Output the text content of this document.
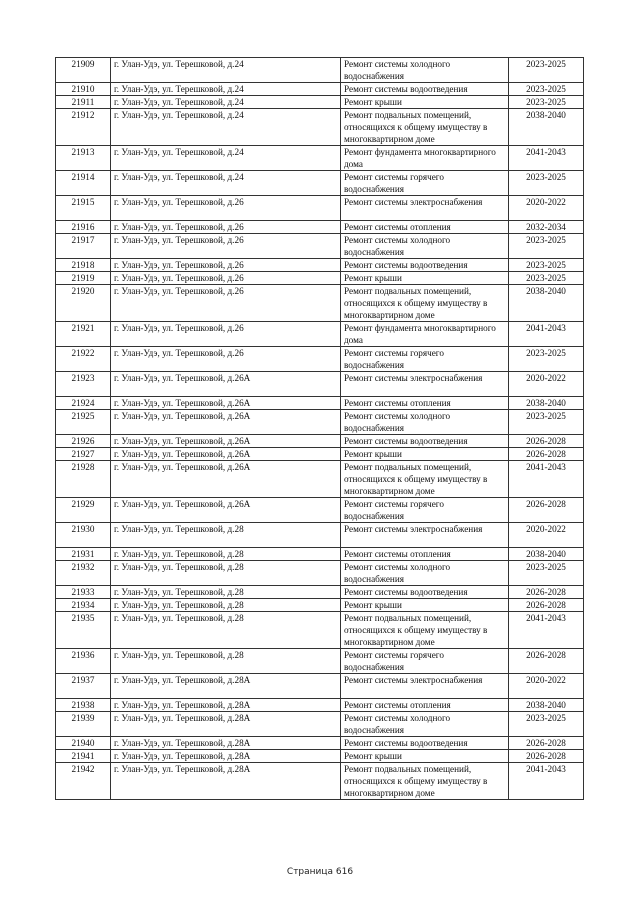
21909	г. Улан-Удэ, ул. Терешковой, д.24	Ремонт системы холодного водоснабжения	2023-2025
21910	г. Улан-Удэ, ул. Терешковой, д.24	Ремонт системы водоотведения	2023-2025
21911	г. Улан-Удэ, ул. Терешковой, д.24	Ремонт крыши	2023-2025
21912	г. Улан-Удэ, ул. Терешковой, д.24	Ремонт подвальных помещений, относящихся к общему имуществу в многоквартирном доме	2038-2040
21913	г. Улан-Удэ, ул. Терешковой, д.24	Ремонт фундамента многоквартирного дома	2041-2043
21914	г. Улан-Удэ, ул. Терешковой, д.24	Ремонт системы горячего водоснабжения	2023-2025
21915	г. Улан-Удэ, ул. Терешковой, д.26	Ремонт системы электроснабжения	2020-2022
21916	г. Улан-Удэ, ул. Терешковой, д.26	Ремонт системы отопления	2032-2034
21917	г. Улан-Удэ, ул. Терешковой, д.26	Ремонт системы холодного водоснабжения	2023-2025
21918	г. Улан-Удэ, ул. Терешковой, д.26	Ремонт системы водоотведения	2023-2025
21919	г. Улан-Удэ, ул. Терешковой, д.26	Ремонт крыши	2023-2025
21920	г. Улан-Удэ, ул. Терешковой, д.26	Ремонт подвальных помещений, относящихся к общему имуществу в многоквартирном доме	2038-2040
21921	г. Улан-Удэ, ул. Терешковой, д.26	Ремонт фундамента многоквартирного дома	2041-2043
21922	г. Улан-Удэ, ул. Терешковой, д.26	Ремонт системы горячего водоснабжения	2023-2025
21923	г. Улан-Удэ, ул. Терешковой, д.26А	Ремонт системы электроснабжения	2020-2022
21924	г. Улан-Удэ, ул. Терешковой, д.26А	Ремонт системы отопления	2038-2040
21925	г. Улан-Удэ, ул. Терешковой, д.26А	Ремонт системы холодного водоснабжения	2023-2025
21926	г. Улан-Удэ, ул. Терешковой, д.26А	Ремонт системы водоотведения	2026-2028
21927	г. Улан-Удэ, ул. Терешковой, д.26А	Ремонт крыши	2026-2028
21928	г. Улан-Удэ, ул. Терешковой, д.26А	Ремонт подвальных помещений, относящихся к общему имуществу в многоквартирном доме	2041-2043
21929	г. Улан-Удэ, ул. Терешковой, д.26А	Ремонт системы горячего водоснабжения	2026-2028
21930	г. Улан-Удэ, ул. Терешковой, д.28	Ремонт системы электроснабжения	2020-2022
21931	г. Улан-Удэ, ул. Терешковой, д.28	Ремонт системы отопления	2038-2040
21932	г. Улан-Удэ, ул. Терешковой, д.28	Ремонт системы холодного водоснабжения	2023-2025
21933	г. Улан-Удэ, ул. Терешковой, д.28	Ремонт системы водоотведения	2026-2028
21934	г. Улан-Удэ, ул. Терешковой, д.28	Ремонт крыши	2026-2028
21935	г. Улан-Удэ, ул. Терешковой, д.28	Ремонт подвальных помещений, относящихся к общему имуществу в многоквартирном доме	2041-2043
21936	г. Улан-Удэ, ул. Терешковой, д.28	Ремонт системы горячего водоснабжения	2026-2028
21937	г. Улан-Удэ, ул. Терешковой, д.28А	Ремонт системы электроснабжения	2020-2022
21938	г. Улан-Удэ, ул. Терешковой, д.28А	Ремонт системы отопления	2038-2040
21939	г. Улан-Удэ, ул. Терешковой, д.28А	Ремонт системы холодного водоснабжения	2023-2025
21940	г. Улан-Удэ, ул. Терешковой, д.28А	Ремонт системы водоотведения	2026-2028
21941	г. Улан-Удэ, ул. Терешковой, д.28А	Ремонт крыши	2026-2028
21942	г. Улан-Удэ, ул. Терешковой, д.28А	Ремонт подвальных помещений, относящихся к общему имуществу в многоквартирном доме	2041-2043
Страница 616
